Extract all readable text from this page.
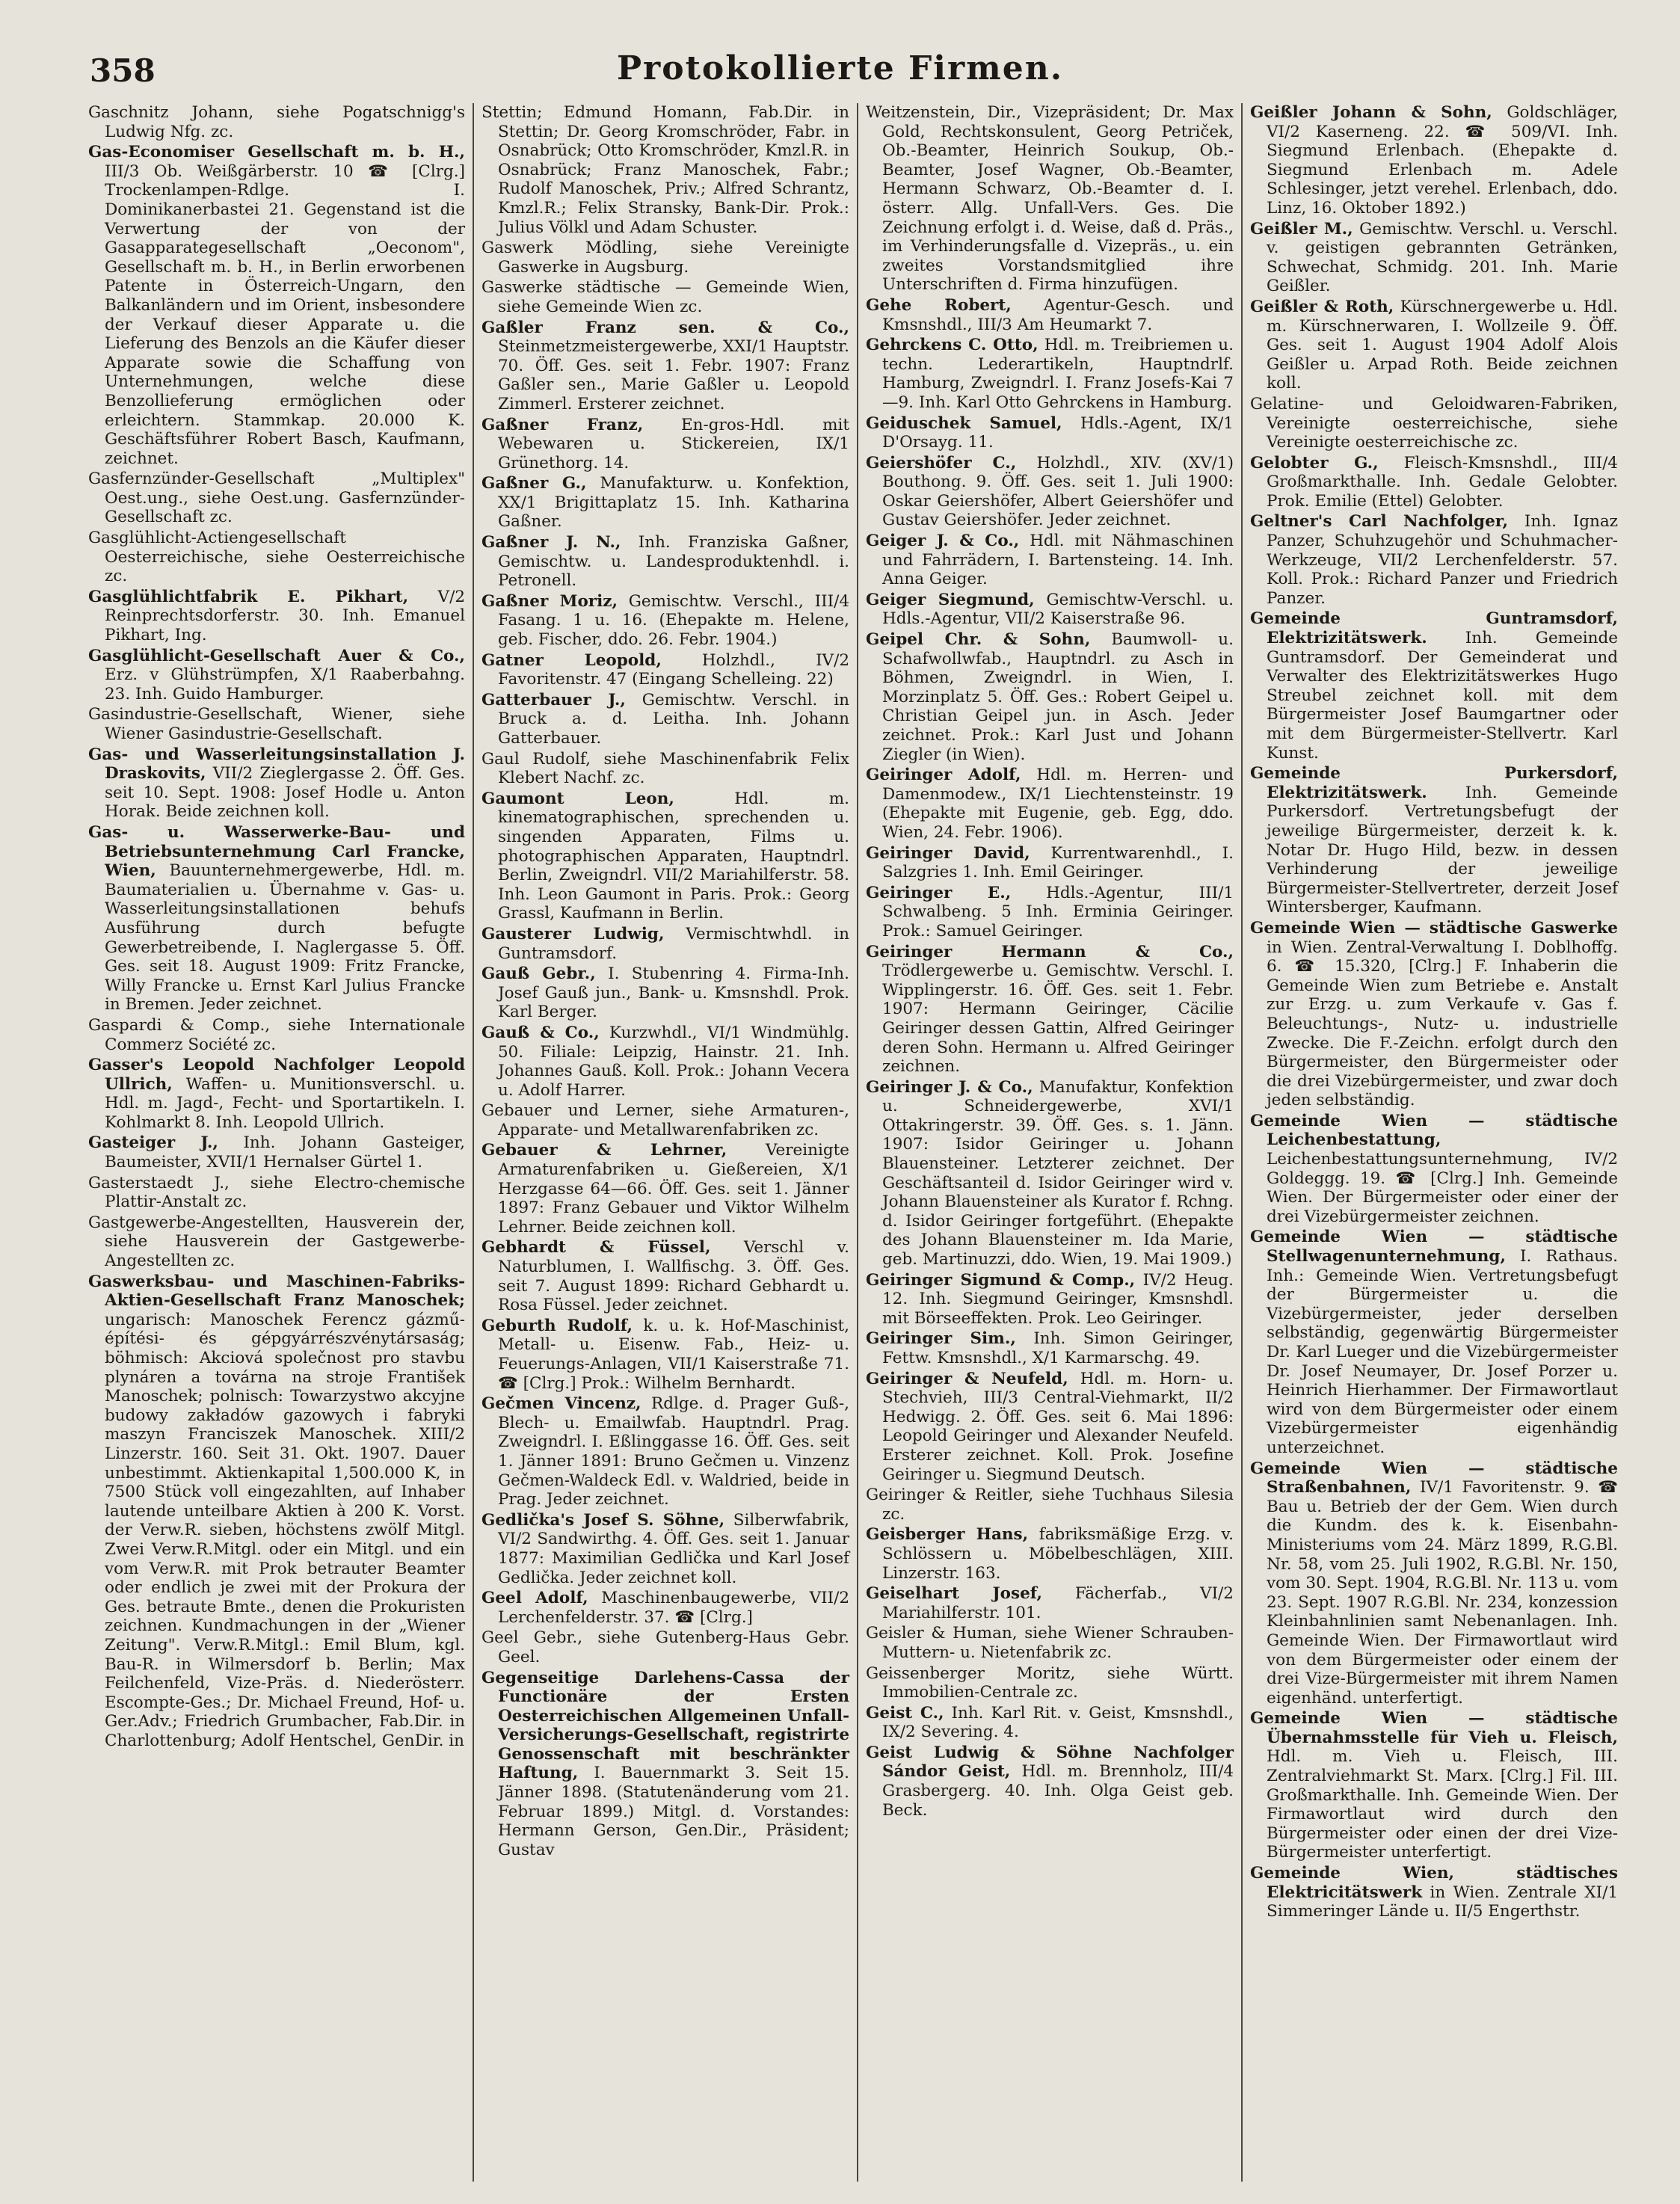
358	Protokollierte Firmen.

Gaschnitz Johann, siehe Pogatschnigg's Ludwig Nfg. zc.

Gas-Economiser Gesellschaft m. b. H., III/3 Ob. Weißgärberstr. 10 ☎ [Clrg.] Trockenlampen-Rdlge. I. Dominikanerbastei 21. Gegenstand ist die Verwertung der von der Gasapparategesellschaft „Oeconom", Gesellschaft m. b. H., in Berlin erworbenen Patente in Österreich-Ungarn, den Balkanländern und im Orient, insbesondere der Verkauf dieser Apparate u. die Lieferung des Benzols an die Käufer dieser Apparate sowie die Schaffung von Unternehmungen, welche diese Benzollieferung ermöglichen oder erleichtern. Stammkap. 20.000 K. Geschäftsführer Robert Basch, Kaufmann, zeichnet.

Gasfernzünder-Gesellschaft „Multiplex" Oest.ung., siehe Oest.ung. Gasfernzünder-Gesellschaft zc.

Gasglühlicht-Actiengesellschaft Oesterreichische, siehe Oesterreichische zc.

Gasglühlichtfabrik E. Pikhart, V/2 Reinprechtsdorferstr. 30. Inh. Emanuel Pikhart, Ing.

Gasglühlicht-Gesellschaft Auer & Co., Erz. v Glühstrümpfen, X/1 Raaberbahng. 23. Inh. Guido Hamburger.

Gasindustrie-Gesellschaft, Wiener, siehe Wiener Gasindustrie-Gesellschaft.

Gas- und Wasserleitungsinstallation J. Draskovits, VII/2 Zieglergasse 2. Öff. Ges. seit 10. Sept. 1908: Josef Hodle u. Anton Horak. Beide zeichnen koll.

Gas- u. Wasserwerke-Bau- und Betriebsunternehmung Carl Francke, Wien, Bauunternehmergewerbe, Hdl. m. Baumaterialien u. Übernahme v. Gas- u. Wasserleitungsinstallationen behufs Ausführung durch befugte Gewerbetreibende, I. Naglergasse 5. Öff. Ges. seit 18. August 1909: Fritz Francke, Willy Francke u. Ernst Karl Julius Francke in Bremen. Jeder zeichnet.

Gaspardi & Comp., siehe Internationale Commerz Société zc.

Gasser's Leopold Nachfolger Leopold Ullrich, Waffen- u. Munitionsverschl. u. Hdl. m. Jagd-, Fecht- und Sportartikeln. I. Kohlmarkt 8. Inh. Leopold Ullrich.

Gasteiger J., Inh. Johann Gasteiger, Baumeister, XVII/1 Hernalser Gürtel 1.

Gasterstaedt J., siehe Electro-chemische Plattir-Anstalt zc.

Gastgewerbe-Angestellten, Hausverein der, siehe Hausverein der Gastgewerbe-Angestellten zc.

Gaswerksbau- und Maschinen-Fabriks-Aktien-Gesellschaft Franz Manoschek; ungarisch: Manoschek Ferencz gázmű-építési- és gépgyárrészvénytársaság; böhmisch: Akciová společnost pro stavbu plynáren a továrna na stroje František Manoschek; polnisch: Towarzystwo akcyjne budowy zakładów gazowych i fabryki maszyn Franciszek Manoschek. XIII/2 Linzerstr. 160. Seit 31. Okt. 1907. Dauer unbestimmt. Aktienkapital 1,500.000 K, in 7500 Stück voll eingezahlten, auf Inhaber lautende unteilbare Aktien à 200 K. Vorst. der Verw.R. sieben, höchstens zwölf Mitgl. Zwei Verw.R.Mitgl. oder ein Mitgl. und ein vom Verw.R. mit Prok betrauter Beamter oder endlich je zwei mit der Prokura der Ges. betraute Bmte., denen die Prokuristen zeichnen. Kundmachungen in der „Wiener Zeitung". Verw.R.Mitgl.: Emil Blum, kgl. Bau-R. in Wilmersdorf b. Berlin; Max Feilchenfeld, Vize-Präs. d. Niederösterr. Escompte-Ges.; Dr. Michael Freund, Hof- u. Ger.Adv.; Friedrich Grumbacher, Fab.Dir. in Charlottenburg; Adolf Hentschel, GenDir. in

Stettin; Edmund Homann, Fab.Dir. in Stettin; Dr. Georg Kromschröder, Fabr. in Osnabrück; Otto Kromschröder, Kmzl.R. in Osnabrück; Franz Manoschek, Fabr.; Rudolf Manoschek, Priv.; Alfred Schrantz, Kmzl.R.; Felix Stransky, Bank-Dir. Prok.: Julius Völkl und Adam Schuster.

Gaswerk Mödling, siehe Vereinigte Gaswerke in Augsburg.

Gaswerke städtische — Gemeinde Wien, siehe Gemeinde Wien zc.

Gaßler Franz sen. & Co., Steinmetzmeistergewerbe, XXI/1 Hauptstr. 70. Öff. Ges. seit 1. Febr. 1907: Franz Gaßler sen., Marie Gaßler u. Leopold Zimmerl. Ersterer zeichnet.

Gaßner Franz, En-gros-Hdl. mit Webewaren u. Stickereien, IX/1 Grünethorg. 14.

Gaßner G., Manufakturw. u. Konfektion, XX/1 Brigittaplatz 15. Inh. Katharina Gaßner.

Gaßner J. N., Inh. Franziska Gaßner, Gemischtw. u. Landesproduktenhdl. i. Petronell.

Gaßner Moriz, Gemischtw. Verschl., III/4 Fasang. 1 u. 16. (Ehepakte m. Helene, geb. Fischer, ddo. 26. Febr. 1904.)

Gatner Leopold,	Holzhdl., IV/2 Favoritenstr. 47 (Eingang Schelleing. 22)

Gatterbauer J., Gemischtw. Verschl. in Bruck a. d. Leitha. Inh. Johann Gatterbauer.

Gaul Rudolf, siehe Maschinenfabrik Felix Klebert Nachf. zc.

Gaumont Leon,	Hdl. m. kinematographischen, sprechenden u. singenden Apparaten, Films u. photographischen Apparaten, Hauptndrl. Berlin, Zweigndrl. VII/2 Mariahilferstr. 58. Inh. Leon Gaumont in Paris. Prok.: Georg Grassl, Kaufmann in Berlin.

Gausterer Ludwig, Vermischtwhdl. in Guntramsdorf.

Gauß Gebr., I. Stubenring 4. Firma-Inh. Josef Gauß jun., Bank- u. Kmsnshdl. Prok. Karl Berger.

Gauß & Co., Kurzwhdl., VI/1 Windmühlg. 50. Filiale: Leipzig, Hainstr. 21. Inh. Johannes Gauß. Koll. Prok.: Johann Vecera u. Adolf Harrer.

Gebauer und Lerner, siehe Armaturen-, Apparate- und Metallwarenfabriken zc.

Gebauer & Lehrner, Vereinigte Armaturenfabriken u. Gießereien, X/1 Herzgasse 64—66. Öff. Ges. seit 1. Jänner 1897: Franz Gebauer und Viktor Wilhelm Lehrner. Beide zeichnen koll.

Gebhardt & Füssel, Verschl v. Naturblumen, I. Wallfischg. 3. Öff. Ges. seit 7. August 1899: Richard Gebhardt u. Rosa Füssel. Jeder zeichnet.

Geburth Rudolf, k. u. k. Hof-Maschinist, Metall- u. Eisenw. Fab., Heiz- u. Feuerungs-Anlagen, VII/1 Kaiserstraße 71. ☎ [Clrg.] Prok.: Wilhelm Bernhardt.

Gečmen Vincenz, Rdlge. d. Prager Guß-, Blech- u. Emailwfab. Hauptndrl. Prag. Zweigndrl. I. Eßlinggasse 16. Öff. Ges. seit 1. Jänner 1891: Bruno Gečmen u. Vinzenz Gečmen-Waldeck Edl. v. Waldried, beide in Prag. Jeder zeichnet.

Gedlička's Josef S. Söhne, Silberwfabrik, VI/2 Sandwirthg. 4. Öff. Ges. seit 1. Januar 1877: Maximilian Gedlička und Karl Josef Gedlička. Jeder zeichnet koll.

Geel Adolf, Maschinenbaugewerbe, VII/2 Lerchenfelderstr. 37. ☎ [Clrg.]

Geel Gebr., siehe Gutenberg-Haus Gebr. Geel.

Gegenseitige Darlehens-Cassa der Functionäre der Ersten Oesterreichischen Allgemeinen Unfall-Versicherungs-Gesellschaft, registrirte Genossenschaft mit beschränkter Haftung, I. Bauernmarkt 3. Seit 15. Jänner 1898. (Statutenänderung vom 21. Februar 1899.) Mitgl. d. Vorstandes: Hermann Gerson, Gen.Dir., Präsident; Gustav

Weitzenstein, Dir., Vizepräsident; Dr. Max Gold, Rechtskonsulent, Georg Petriček, Ob.-Beamter, Heinrich Soukup, Ob.-Beamter, Josef Wagner, Ob.-Beamter, Hermann Schwarz, Ob.-Beamter d. I. österr. Allg. Unfall-Vers. Ges. Die Zeichnung erfolgt i. d. Weise, daß d. Präs., im Verhinderungsfalle d. Vizepräs., u. ein zweites Vorstandsmitglied ihre Unterschriften d. Firma hinzufügen.

Gehe Robert, Agentur-Gesch. und Kmsnshdl., III/3 Am Heumarkt 7.

Gehrckens C. Otto, Hdl. m. Treibriemen u. techn. Lederartikeln, Hauptndrlf. Hamburg, Zweigndrl. I. Franz Josefs-Kai 7—9. Inh. Karl Otto Gehrckens in Hamburg.

Geiduschek Samuel, Hdls.-Agent, IX/1 D'Orsayg. 11.

Geiershöfer C., Holzhdl., XIV. (XV/1) Bouthong. 9. Öff. Ges. seit 1. Juli 1900: Oskar Geiershöfer, Albert Geiershöfer und Gustav Geiershöfer. Jeder zeichnet.

Geiger J. & Co., Hdl. mit Nähmaschinen und Fahrrädern, I. Bartensteing. 14. Inh. Anna Geiger.

Geiger Siegmund, Gemischtw-Verschl. u. Hdls.-Agentur, VII/2 Kaiserstraße 96.

Geipel Chr. & Sohn, Baumwoll- u. Schafwollwfab., Hauptndrl. zu Asch in Böhmen, Zweigndrl. in Wien, I. Morzinplatz 5. Öff. Ges.: Robert Geipel u. Christian Geipel jun. in Asch. Jeder zeichnet. Prok.: Karl Just und Johann Ziegler (in Wien).

Geiringer Adolf, Hdl. m. Herren- und Damenmodew., IX/1 Liechtensteinstr. 19 (Ehepakte mit Eugenie, geb. Egg, ddo. Wien, 24. Febr. 1906).

Geiringer David, Kurrentwarenhdl., I. Salzgries 1. Inh. Emil Geiringer.

Geiringer E., Hdls.-Agentur, III/1 Schwalbeng. 5 Inh. Erminia Geiringer. Prok.: Samuel Geiringer.

Geiringer Hermann & Co., Trödlergewerbe u. Gemischtw. Verschl. I. Wipplingerstr. 16. Öff. Ges. seit 1. Febr. 1907: Hermann Geiringer, Cäcilie Geiringer dessen Gattin, Alfred Geiringer deren Sohn. Hermann u. Alfred Geiringer zeichnen.

Geiringer J. & Co., Manufaktur, Konfektion u. Schneidergewerbe, XVI/1 Ottakringerstr. 39. Öff. Ges. s. 1. Jänn. 1907: Isidor Geiringer u. Johann Blauensteiner. Letzterer zeichnet. Der Geschäftsanteil d. Isidor Geiringer wird v. Johann Blauensteiner als Kurator f. Rchng. d. Isidor Geiringer fortgeführt. (Ehepakte des Johann Blauensteiner m. Ida Marie, geb. Martinuzzi, ddo. Wien, 19. Mai 1909.)

Geiringer Sigmund & Comp., IV/2 Heug. 12. Inh. Siegmund Geiringer, Kmsnshdl. mit Börseeffekten. Prok. Leo Geiringer.

Geiringer Sim., Inh. Simon Geiringer, Fettw. Kmsnshdl., X/1 Karmarschg. 49.

Geiringer & Neufeld, Hdl. m. Horn- u. Stechvieh, III/3 Central-Viehmarkt, II/2 Hedwigg. 2. Öff. Ges. seit 6. Mai 1896: Leopold Geiringer und Alexander Neufeld. Ersterer zeichnet. Koll. Prok. Josefine Geiringer u. Siegmund Deutsch.

Geiringer & Reitler, siehe Tuchhaus Silesia zc.

Geisberger Hans, fabriksmäßige Erzg. v. Schlössern u. Möbelbeschlägen, XIII. Linzerstr. 163.

Geiselhart Josef, Fächerfab., VI/2 Mariahilferstr. 101.

Geisler & Human, siehe Wiener Schrauben-Muttern- u. Nietenfabrik zc.

Geissenberger Moritz, siehe Württ. Immobilien-Centrale zc.

Geist C., Inh. Karl Rit. v. Geist, Kmsnshdl., IX/2 Severing. 4.

Geist Ludwig & Söhne Nachfolger Sándor Geist, Hdl. m. Brennholz, III/4 Grasbergerg. 40. Inh. Olga Geist geb. Beck.

Geißler Johann & Sohn, Goldschläger, VI/2 Kaserneng. 22. ☎ 509/VI. Inh. Siegmund Erlenbach. (Ehepakte d. Siegmund Erlenbach m. Adele Schlesinger, jetzt verehel. Erlenbach, ddo. Linz, 16. Oktober 1892.)

Geißler M., Gemischtw. Verschl. u. Verschl. v. geistigen gebrannten Getränken, Schwechat, Schmidg. 201. Inh. Marie Geißler.

Geißler & Roth, Kürschnergewerbe u. Hdl. m. Kürschnerwaren, I. Wollzeile 9. Öff. Ges. seit 1. August 1904 Adolf Alois Geißler u. Arpad Roth. Beide zeichnen koll.

Gelatine- und Geloidwaren-Fabriken, Vereinigte oesterreichische, siehe Vereinigte oesterreichische zc.

Gelobter G., Fleisch-Kmsnshdl., III/4 Großmarkthalle. Inh. Gedale Gelobter. Prok. Emilie (Ettel) Gelobter.

Geltner's Carl Nachfolger, Inh. Ignaz Panzer, Schuhzugehör und Schuhmacher-Werkzeuge, VII/2 Lerchenfelderstr. 57. Koll. Prok.: Richard Panzer und Friedrich Panzer.

Gemeinde Guntramsdorf, Elektrizitätswerk. Inh. Gemeinde Guntramsdorf. Der Gemeinderat und Verwalter des Elektrizitätswerkes Hugo Streubel zeichnet koll. mit dem Bürgermeister Josef Baumgartner oder mit dem Bürgermeister-Stellvertr. Karl Kunst.

Gemeinde Purkersdorf, Elektrizitätswerk. Inh. Gemeinde Purkersdorf. Vertretungsbefugt der jeweilige Bürgermeister, derzeit k. k. Notar Dr. Hugo Hild, bezw. in dessen Verhinderung der jeweilige Bürgermeister-Stellvertreter, derzeit Josef Wintersberger, Kaufmann.

Gemeinde Wien — städtische Gaswerke in Wien. Zentral-Verwaltung I. Doblhoffg. 6. ☎ 15.320, [Clrg.] F. Inhaberin die Gemeinde Wien zum Betriebe e. Anstalt zur Erzg. u. zum Verkaufe v. Gas f. Beleuchtungs-, Nutz- u. industrielle Zwecke. Die F.-Zeichn. erfolgt durch den Bürgermeister, den Bürgermeister oder die drei Vizebürgermeister, und zwar doch jeden selbständig.

Gemeinde Wien — städtische Leichenbestattung, Leichenbestattungsunternehmung, IV/2 Goldeggg. 19. ☎ [Clrg.] Inh. Gemeinde Wien. Der Bürgermeister oder einer der drei Vizebürgermeister zeichnen.

Gemeinde Wien — städtische Stellwagenunternehmung, I. Rathaus. Inh.: Gemeinde Wien. Vertretungsbefugt der Bürgermeister u. die Vizebürgermeister, jeder derselben selbständig, gegenwärtig Bürgermeister Dr. Karl Lueger und die Vizebürgermeister Dr. Josef Neumayer, Dr. Josef Porzer u. Heinrich Hierhammer. Der Firmawortlaut wird von dem Bürgermeister oder einem Vizebürgermeister eigenhändig unterzeichnet.

Gemeinde Wien — städtische Straßenbahnen, IV/1 Favoritenstr. 9. ☎ Bau u. Betrieb der der Gem. Wien durch die Kundm. des k. k. Eisenbahn-Ministeriums vom 24. März 1899, R.G.Bl. Nr. 58, vom 25. Juli 1902, R.G.Bl. Nr. 150, vom 30. Sept. 1904, R.G.Bl. Nr. 113 u. vom 23. Sept. 1907 R.G.Bl. Nr. 234, konzession Kleinbahnlinien samt Nebenanlagen. Inh. Gemeinde Wien. Der Firmawortlaut wird von dem Bürgermeister oder einem der drei Vize-Bürgermeister mit ihrem Namen eigenhänd. unterfertigt.

Gemeinde Wien — städtische Übernahmsstelle für Vieh u. Fleisch, Hdl. m. Vieh u. Fleisch, III. Zentralviehmarkt St. Marx. [Clrg.] Fil. III. Großmarkthalle. Inh. Gemeinde Wien. Der Firmawortlaut wird durch den Bürgermeister oder einen der drei Vize-Bürgermeister unterfertigt.

Gemeinde Wien, städtisches Elektricitätswerk in Wien. Zentrale XI/1 Simmeringer Lände u. II/5 Engerthstr.
